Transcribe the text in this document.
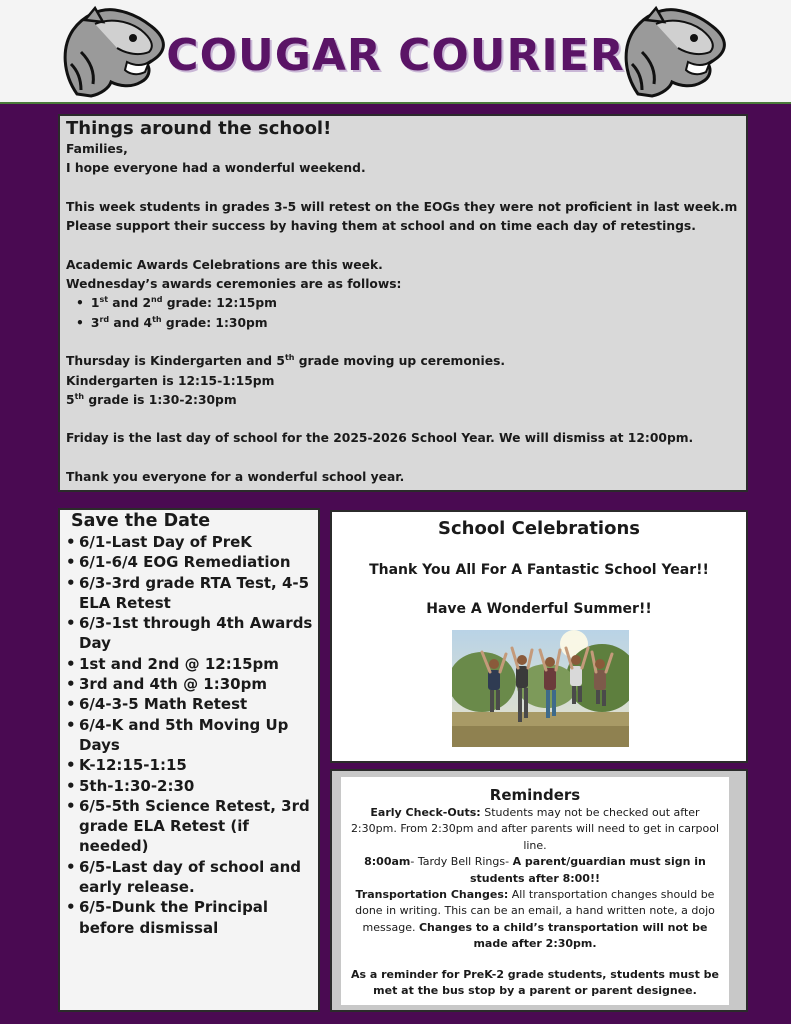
COUGAR COURIER
Things around the school!
Families,
I hope everyone had a wonderful weekend.
This week students in grades 3-5 will retest on the EOGs they were not proficient in last week.m
Please support their success by having them at school and on time each day of retestings.
Academic Awards Celebrations are this week.
Wednesday’s awards ceremonies are as follows:
• 1st and 2nd grade: 12:15pm
• 3rd and 4th grade: 1:30pm
Thursday is Kindergarten and 5th grade moving up ceremonies.
Kindergarten is 12:15-1:15pm
5th grade is 1:30-2:30pm
Friday is the last day of school for the 2025-2026 School Year. We will dismiss at 12:00pm.
Thank you everyone for a wonderful school year.
Save the Date
• 6/1-Last Day of PreK
• 6/1-6/4 EOG Remediation
• 6/3-3rd grade RTA Test, 4-5 ELA Retest
• 6/3-1st through 4th Awards Day
• 1st and 2nd @ 12:15pm
• 3rd and 4th @ 1:30pm
• 6/4-3-5 Math Retest
• 6/4-K and 5th Moving Up Days
• K-12:15-1:15
• 5th-1:30-2:30
• 6/5-5th Science Retest, 3rd grade ELA Retest (if needed)
• 6/5-Last day of school and early release.
• 6/5-Dunk the Principal before dismissal
School Celebrations
Thank You All For A Fantastic School Year!!
Have A Wonderful Summer!!
Reminders
Early Check-Outs: Students may not be checked out after 2:30pm. From 2:30pm and after parents will need to get in carpool line.
8:00am- Tardy Bell Rings- A parent/guardian must sign in students after 8:00!!
Transportation Changes: All transportation changes should be done in writing. This can be an email, a hand written note, a dojo message. Changes to a child’s transportation will not be made after 2:30pm.
As a reminder for PreK-2 grade students, students must be met at the bus stop by a parent or parent designee.
